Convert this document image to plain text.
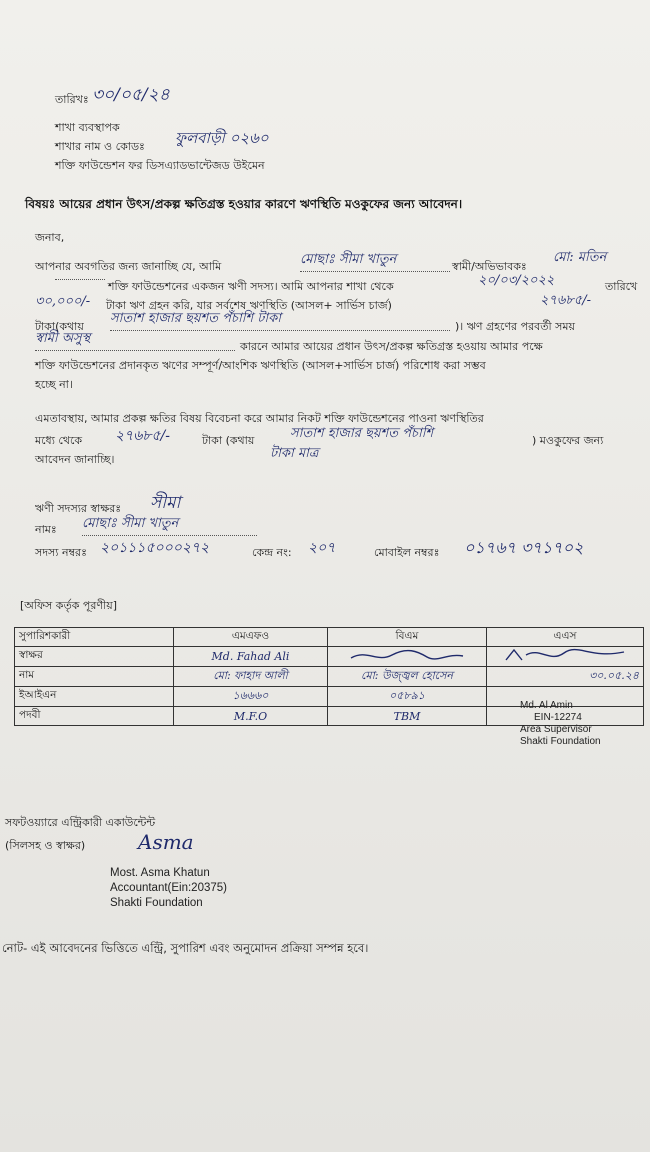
তারিখঃ ৩০/০৫/২৪
শাখা ব্যবস্থাপক
শাখার নাম ও কোডঃ ফুলবাড়ী ০২৬০
শক্তি ফাউন্ডেশন ফর ডিসএ্যাডভান্টেজড উইমেন
বিষয়ঃ আয়ের প্রধান উৎস/প্রকল্প ক্ষতিগ্রস্ত হওয়ার কারণে ঋণস্থিতি মওকুফের জন্য আবেদন।
জনাব,
আপনার অবগতির জন্য জানাচ্ছি যে, আমি	মোছাঃ সীমা খাতুন	স্বামী/অভিভাবকঃ
মো: মতিন
শক্তি ফাউন্ডেশনের একজন ঋণী সদস্য। আমি আপনার শাখা থেকে	২০/০৩/২০২২	তারিখে
৩০,০০০/- টাকা ঋণ গ্রহন করি, যার সর্বশেষ ঋণস্থিতি (আসল+ সার্ভিস চার্জ)	২৭৬৮৫/-
টাকা(কথায়
সাতাশ হাজার ছয়শত পঁচাশি টাকা
)। ঋণ গ্রহণের পরবর্তী সময়
স্বামী অসুস্থ
কারনে আমার আয়ের প্রধান উৎস/প্রকল্প ক্ষতিগ্রস্ত হওয়ায় আমার পক্ষে
শক্তি ফাউন্ডেশনের প্রদানকৃত ঋণের সম্পূর্ণ/আংশিক ঋণস্থিতি (আসল+সার্ভিস চার্জ) পরিশোধ করা সম্ভব
হচ্ছে না।
এমতাবস্থায়, আমার প্রকল্প ক্ষতির বিষয় বিবেচনা করে আমার নিকট শক্তি ফাউন্ডেশনের পাওনা ঋণস্থিতির
মধ্যে থেকে ২৭৬৮৫/-	টাকা (কথায়	সাতাশ হাজার ছয়শত পঁচাশি	) মওকুফের জন্য
আবেদন জানাচ্ছি।	টাকা মাত্র
ঋণী সদস্যর স্বাক্ষরঃ সীমা
নামঃ মোছাঃ সীমা খাতুন
সদস্য নম্বরঃ ২০১১১৫০০০২৭২	কেন্দ্র নং: ২০৭	মোবাইল নম্বরঃ ০১৭৬৭ ৩৭১৭০২
[অফিস কর্তৃক পূরণীয়]
সুপারিশকারী	এমএফও	বিএম	এএস
স্বাক্ষর	Md. Fahad Ali		
নাম	মো: ফাহাদ আলী	মো: উজ্জ্বল হোসেন	৩০.০৫.২৪
ইআইএন	১৬৬৬০	০৫৮৯১	
পদবী	M.F.O	TBM	
Md. Al Amin
EIN-12274
Area Supervisor
Shakti Foundation
সফটওয়্যারে এন্ট্রিকারী একাউন্টেন্ট
(সিলসহ ও স্বাক্ষর)	Asma
Most. Asma Khatun
Accountant(Ein:20375)
Shakti Foundation
নোট- এই আবেদনের ভিত্তিতে এন্ট্রি, সুপারিশ এবং অনুমোদন প্রক্রিয়া সম্পন্ন হবে।
